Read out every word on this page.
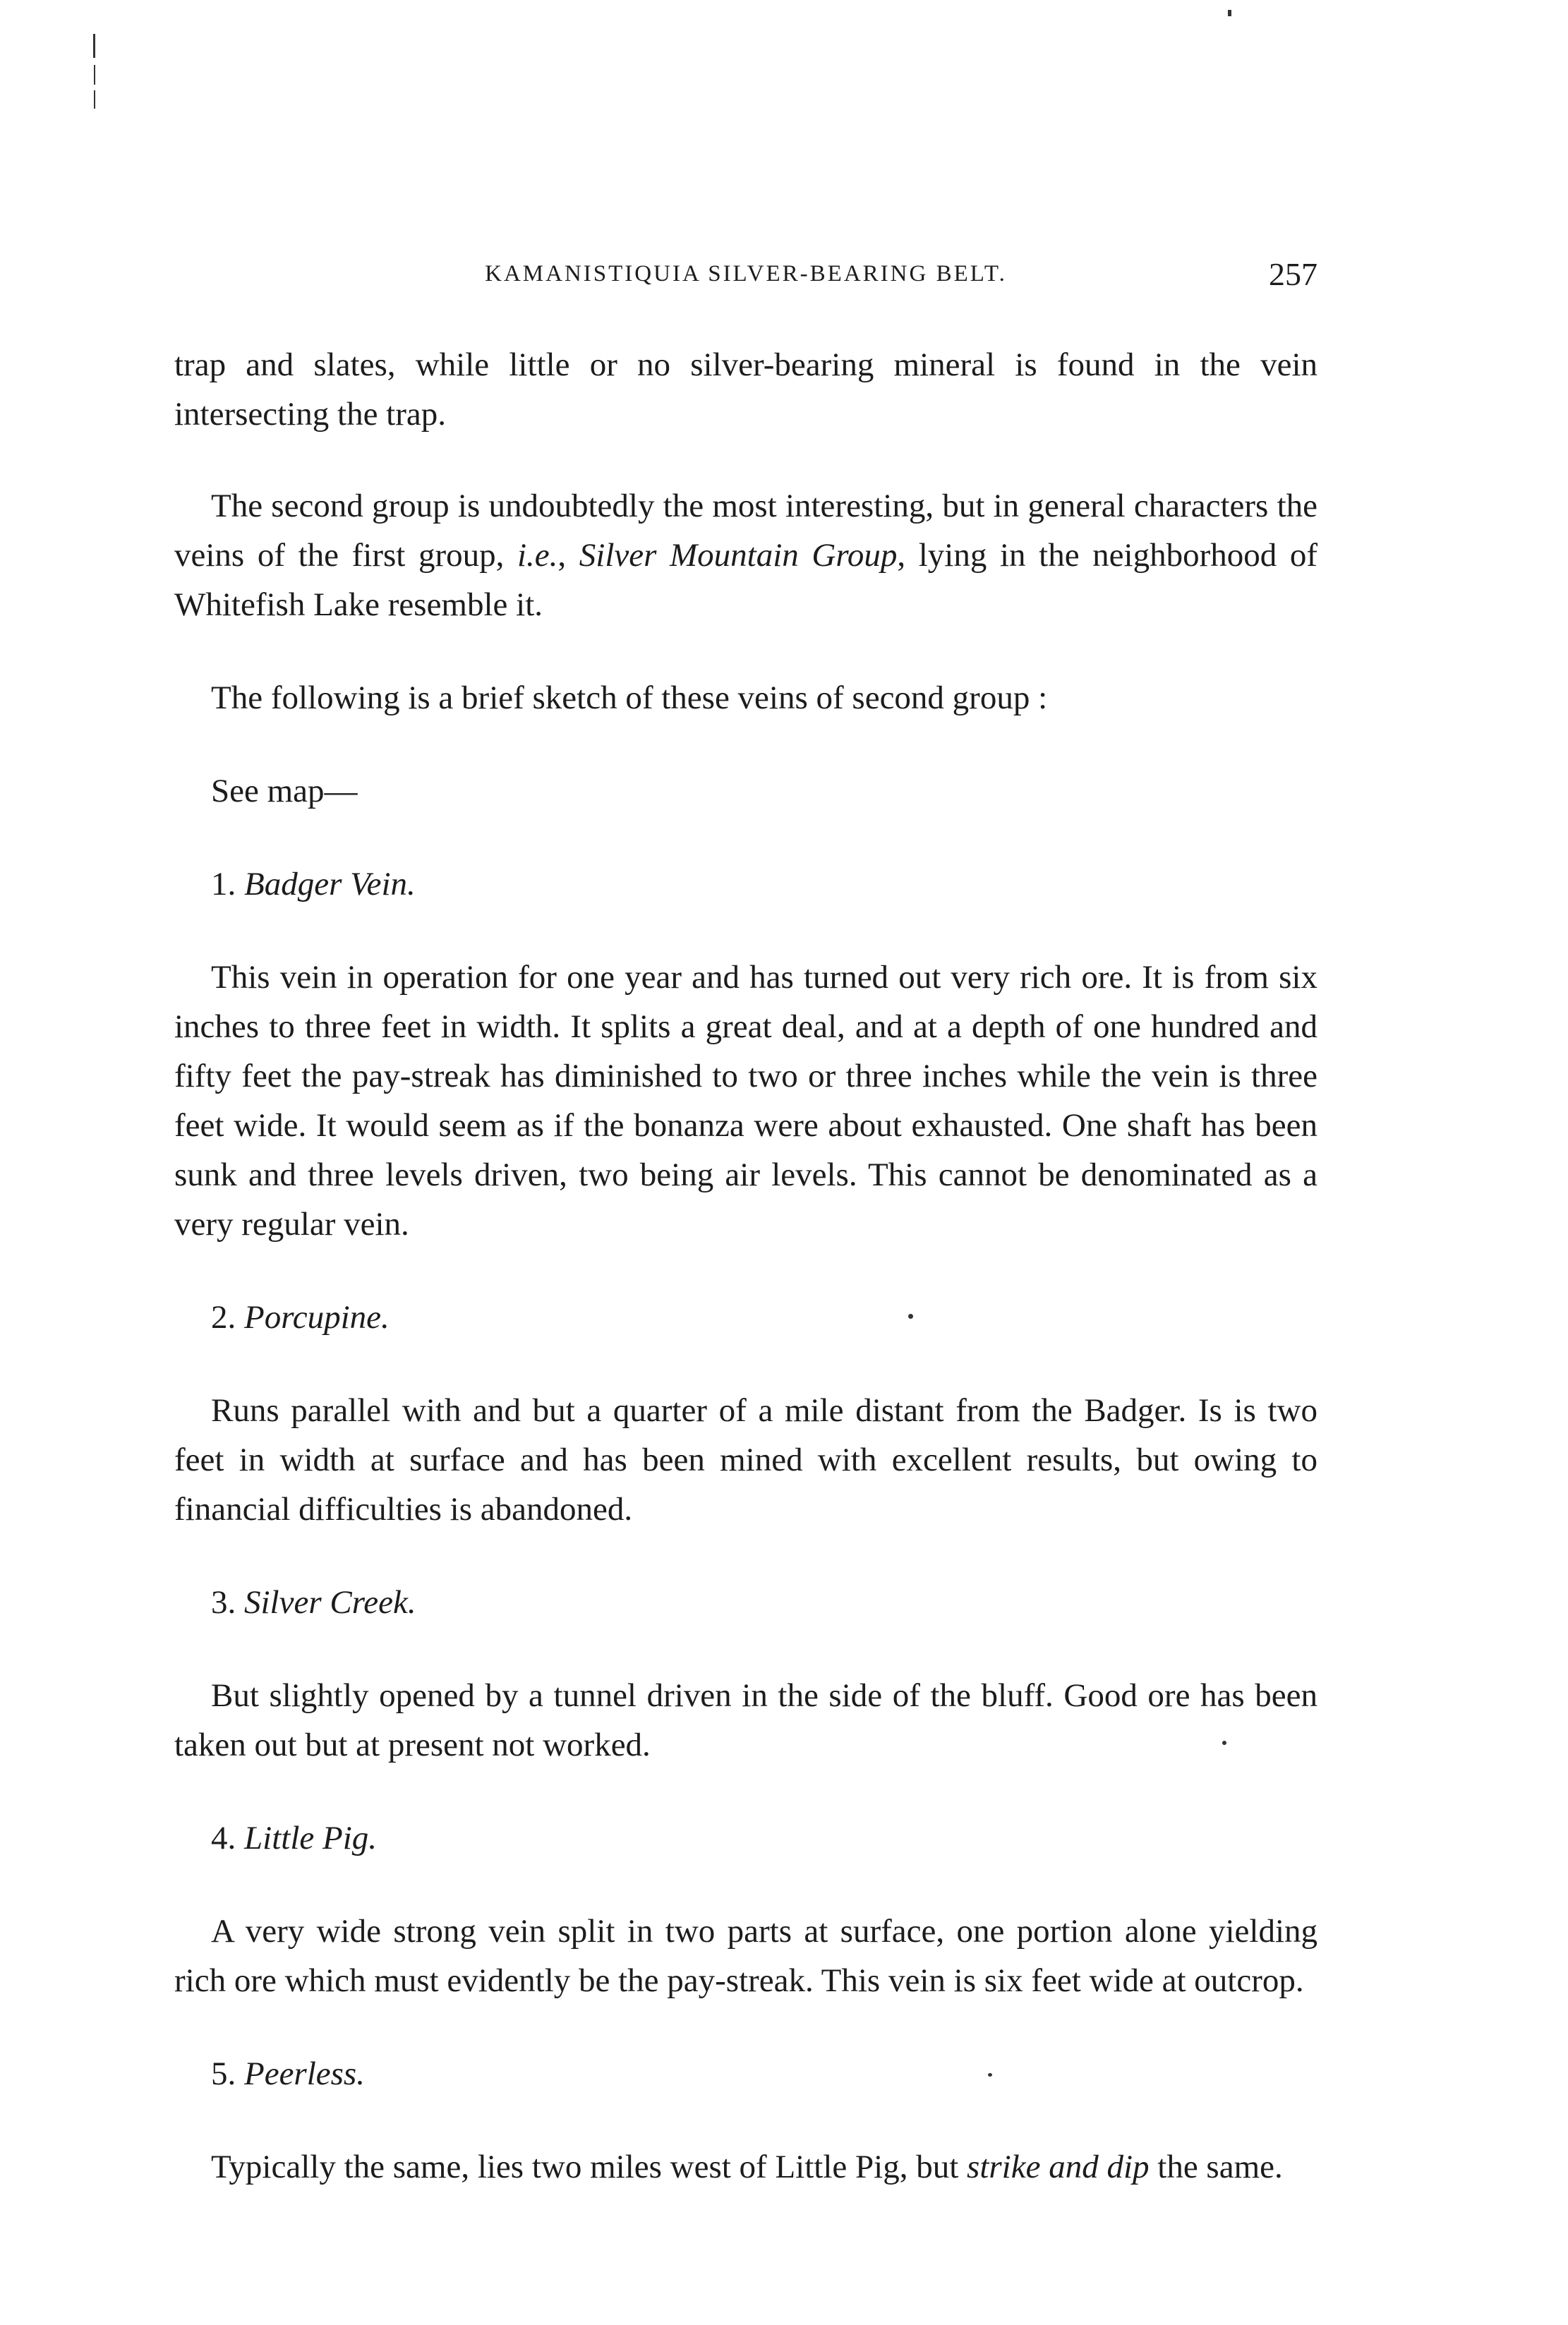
KAMANISTIQUIA SILVER-BEARING BELT.	257

trap and slates, while little or no silver-bearing mineral is found in the vein intersecting the trap.

The second group is undoubtedly the most interesting, but in general characters the veins of the first group, i.e., Silver Mountain Group, lying in the neighborhood of Whitefish Lake resemble it.

The following is a brief sketch of these veins of second group :

See map—

1. Badger Vein.

This vein in operation for one year and has turned out very rich ore. It is from six inches to three feet in width. It splits a great deal, and at a depth of one hundred and fifty feet the pay-streak has diminished to two or three inches while the vein is three feet wide. It would seem as if the bonanza were about exhausted. One shaft has been sunk and three levels driven, two being air levels. This cannot be denominated as a very regular vein.

2. Porcupine.

Runs parallel with and but a quarter of a mile distant from the Badger. Is is two feet in width at surface and has been mined with excellent results, but owing to financial difficulties is abandoned.

3. Silver Creek.

But slightly opened by a tunnel driven in the side of the bluff. Good ore has been taken out but at present not worked.

4. Little Pig.

A very wide strong vein split in two parts at surface, one portion alone yielding rich ore which must evidently be the pay-streak. This vein is six feet wide at outcrop.

5. Peerless.

Typically the same, lies two miles west of Little Pig, but strike and dip the same.
